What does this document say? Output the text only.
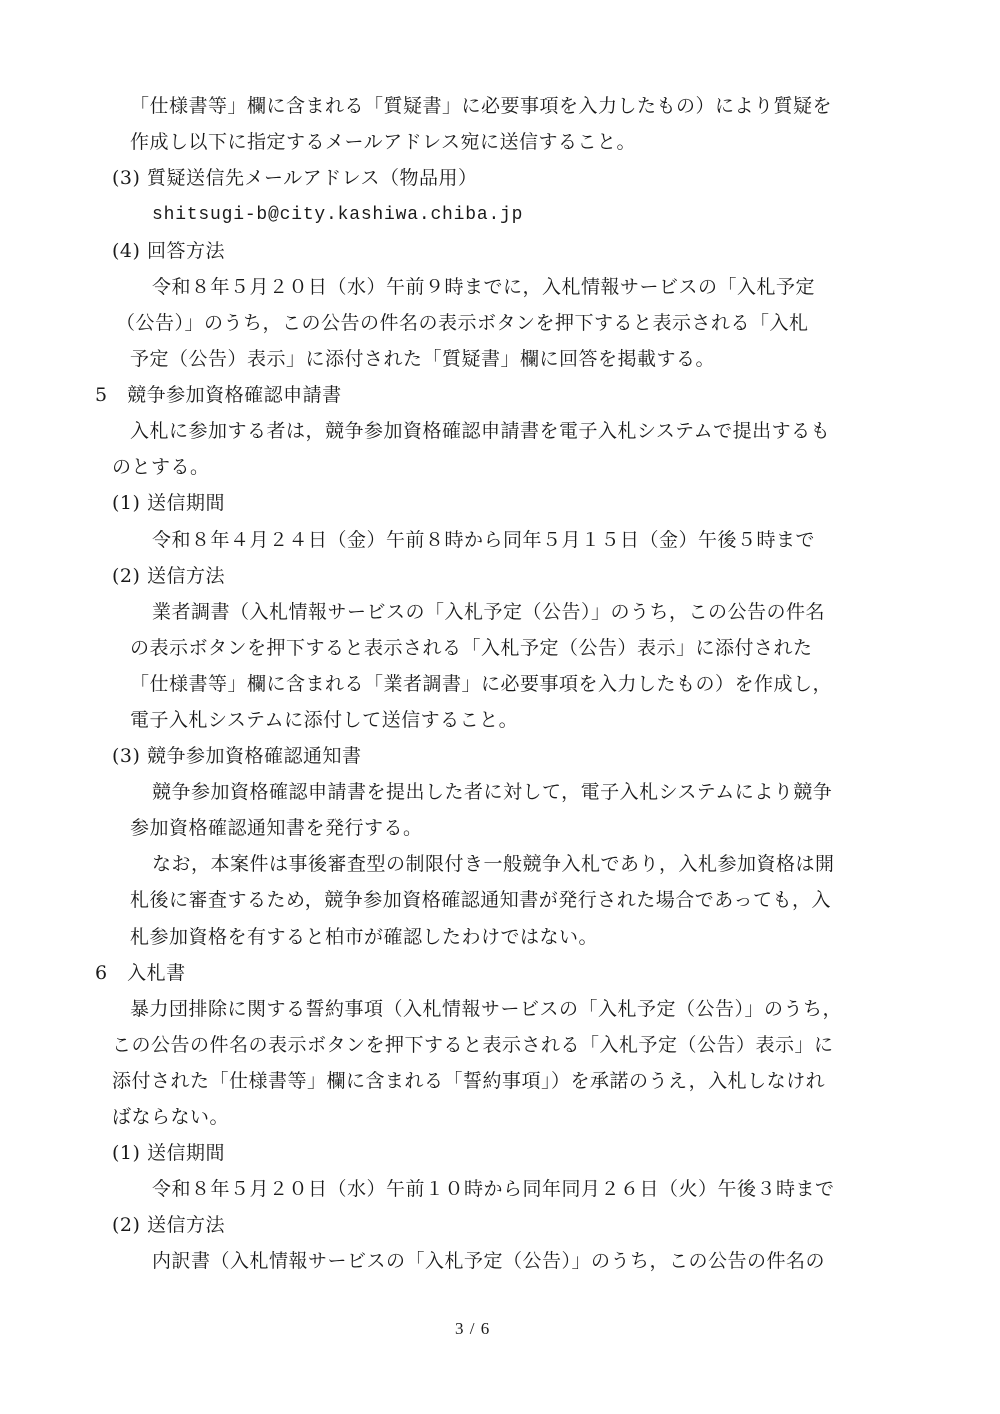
「仕様書等」欄に含まれる「質疑書」に必要事項を入力したもの）により質疑を
作成し以下に指定するメールアドレス宛に送信すること。
(3) 質疑送信先メールアドレス（物品用）
shitsugi-b@city.kashiwa.chiba.jp
(4) 回答方法
令和８年５月２０日（水）午前９時までに，入札情報サービスの「入札予定
（公告）」のうち，この公告の件名の表示ボタンを押下すると表示される「入札
予定（公告）表示」に添付された「質疑書」欄に回答を掲載する。
5　競争参加資格確認申請書
入札に参加する者は，競争参加資格確認申請書を電子入札システムで提出するも
のとする。
(1) 送信期間
令和８年４月２４日（金）午前８時から同年５月１５日（金）午後５時まで
(2) 送信方法
業者調書（入札情報サービスの「入札予定（公告）」のうち，この公告の件名
の表示ボタンを押下すると表示される「入札予定（公告）表示」に添付された
「仕様書等」欄に含まれる「業者調書」に必要事項を入力したもの）を作成し，
電子入札システムに添付して送信すること。
(3) 競争参加資格確認通知書
競争参加資格確認申請書を提出した者に対して，電子入札システムにより競争
参加資格確認通知書を発行する。
なお，本案件は事後審査型の制限付き一般競争入札であり，入札参加資格は開
札後に審査するため，競争参加資格確認通知書が発行された場合であっても，入
札参加資格を有すると柏市が確認したわけではない。
6　入札書
暴力団排除に関する誓約事項（入札情報サービスの「入札予定（公告）」のうち，
この公告の件名の表示ボタンを押下すると表示される「入札予定（公告）表示」に
添付された「仕様書等」欄に含まれる「誓約事項」）を承諾のうえ，入札しなけれ
ばならない。
(1) 送信期間
令和８年５月２０日（水）午前１０時から同年同月２６日（火）午後３時まで
(2) 送信方法
内訳書（入札情報サービスの「入札予定（公告）」のうち，この公告の件名の
3 / 6
